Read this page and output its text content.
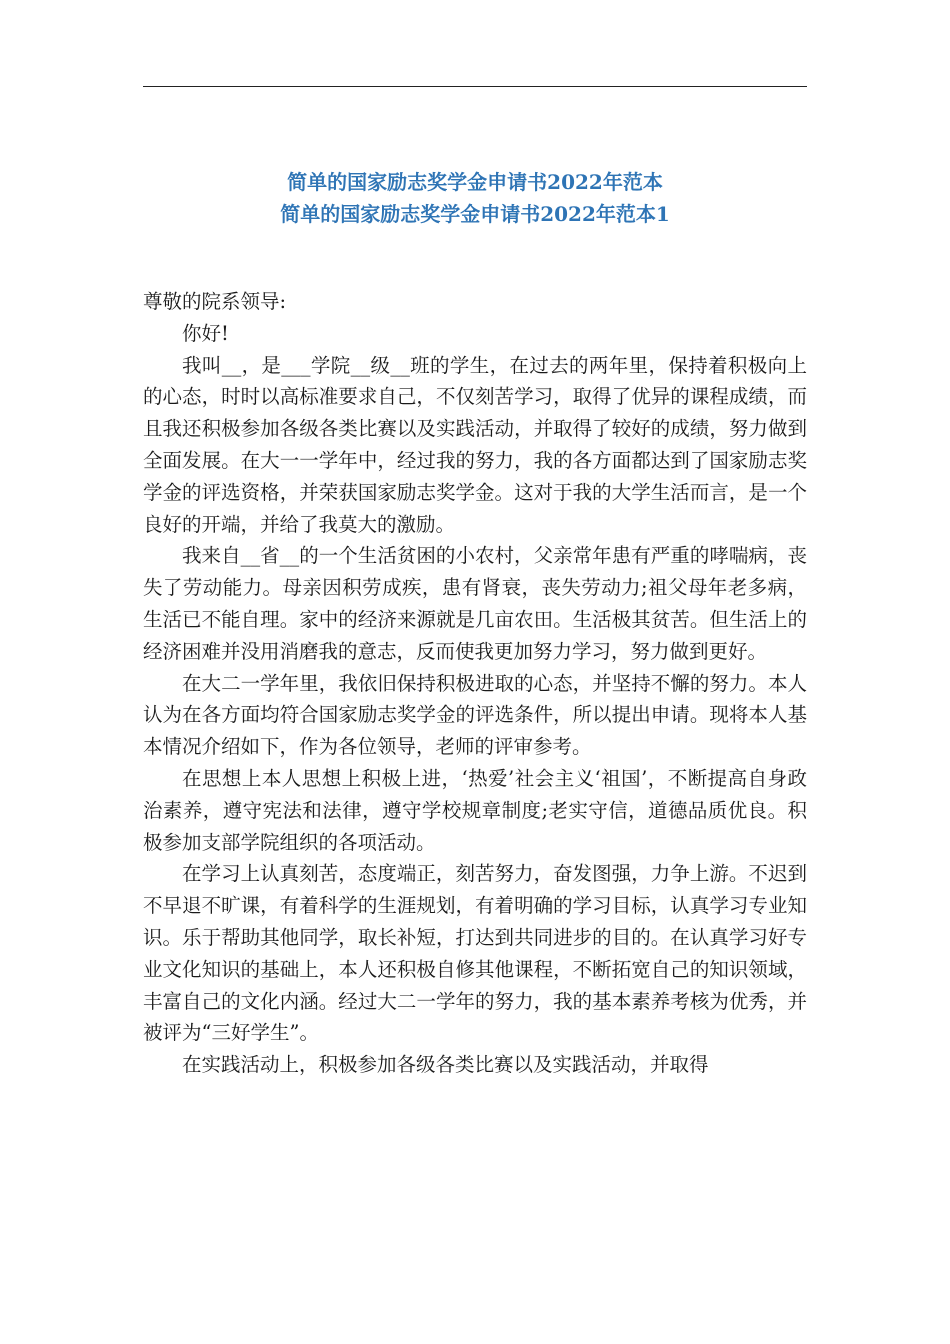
简单的国家励志奖学金申请书2022年范本
简单的国家励志奖学金申请书2022年范本1

尊敬的院系领导:

你好!

我叫__，是___学院__级__班的学生，在过去的两年里，保持着积极向上的心态，时时以高标准要求自己，不仅刻苦学习，取得了优异的课程成绩，而且我还积极参加各级各类比赛以及实践活动，并取得了较好的成绩，努力做到全面发展。在大一一学年中，经过我的努力，我的各方面都达到了国家励志奖学金的评选资格，并荣获国家励志奖学金。这对于我的大学生活而言，是一个良好的开端，并给了我莫大的激励。

我来自__省__的一个生活贫困的小农村，父亲常年患有严重的哮喘病，丧失了劳动能力。母亲因积劳成疾，患有肾衰，丧失劳动力;祖父母年老多病，生活已不能自理。家中的经济来源就是几亩农田。生活极其贫苦。但生活上的经济困难并没用消磨我的意志，反而使我更加努力学习，努力做到更好。

在大二一学年里，我依旧保持积极进取的心态，并坚持不懈的努力。本人认为在各方面均符合国家励志奖学金的评选条件，所以提出申请。现将本人基本情况介绍如下，作为各位领导，老师的评审参考。

在思想上本人思想上积极上进，‘热爱’社会主义‘祖国’，不断提高自身政治素养，遵守宪法和法律，遵守学校规章制度;老实守信，道德品质优良。积极参加支部学院组织的各项活动。

在学习上认真刻苦，态度端正，刻苦努力，奋发图强，力争上游。不迟到不早退不旷课，有着科学的生涯规划，有着明确的学习目标，认真学习专业知识。乐于帮助其他同学，取长补短，打达到共同进步的目的。在认真学习好专业文化知识的基础上，本人还积极自修其他课程，不断拓宽自己的知识领域，丰富自己的文化内涵。经过大二一学年的努力，我的基本素养考核为优秀，并被评为“三好学生”。

在实践活动上，积极参加各级各类比赛以及实践活动，并取得
